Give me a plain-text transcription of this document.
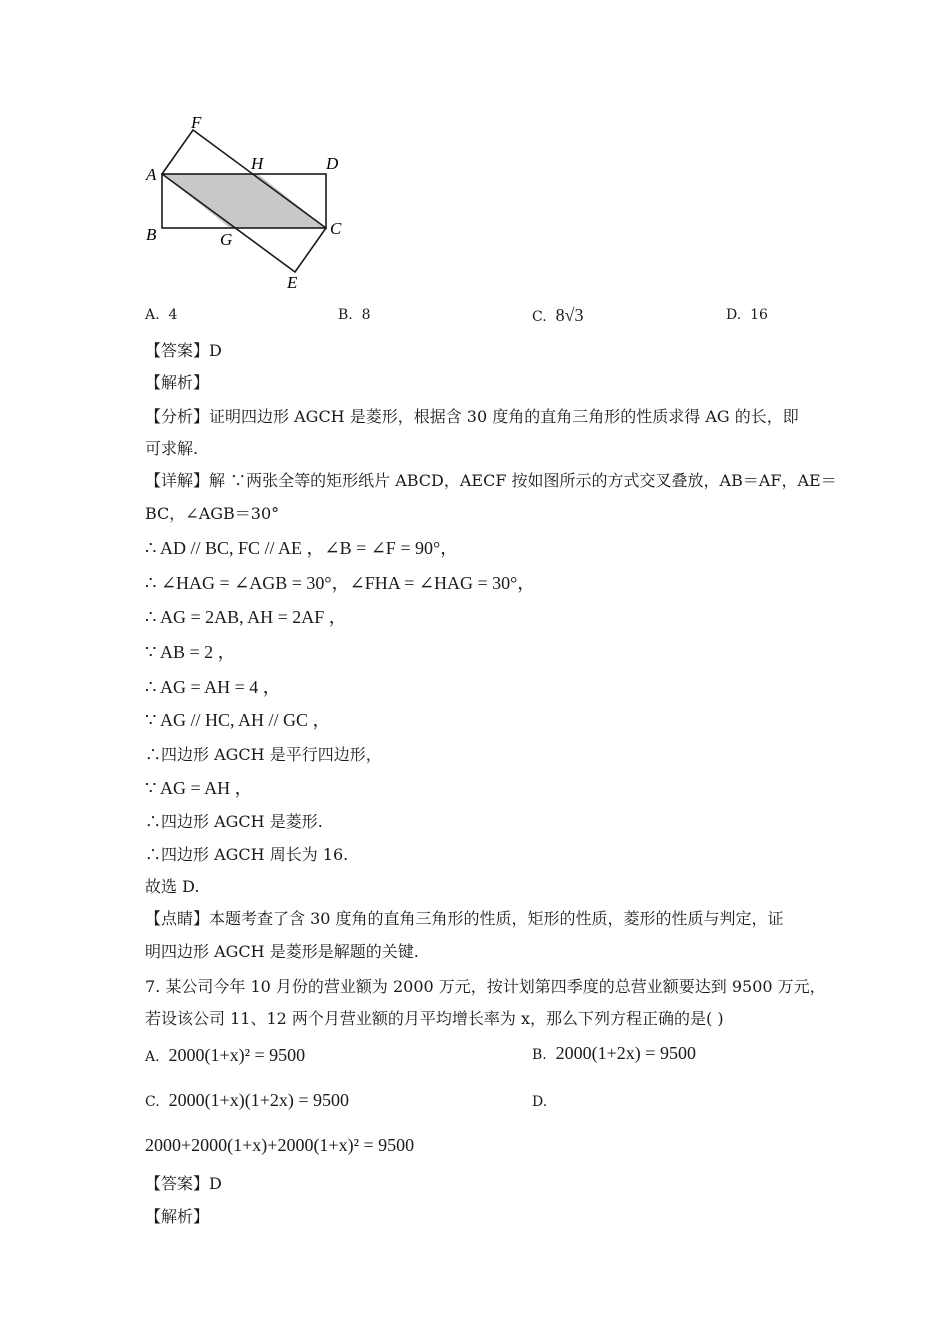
F
A
H	D
B	G
C
E
A. 4	B. 8	C. 8√3	D. 16
【答案】D
【解析】
【分析】证明四边形 AGCH 是菱形，根据含 30 度角的直角三角形的性质求得 AG 的长，即
可求解.
【详解】解 ∵两张全等的矩形纸片 ABCD，AECF 按如图所示的方式交叉叠放，AB＝AF，AE＝
BC，∠AGB＝30°
∴ AD // BC, FC // AE ，∠B = ∠F = 90°，
∴ ∠HAG = ∠AGB = 30°，∠FHA = ∠HAG = 30°，
∴ AG = 2AB, AH = 2AF ，
∵ AB = 2 ，
∴ AG = AH = 4 ，
∵ AG // HC, AH // GC ，
∴四边形 AGCH 是平行四边形，
∵ AG = AH ，
∴四边形 AGCH 是菱形.
∴四边形 AGCH 周长为 16.
故选 D.
【点睛】本题考查了含 30 度角的直角三角形的性质，矩形的性质，菱形的性质与判定，证
明四边形 AGCH 是菱形是解题的关键.
7. 某公司今年 10 月份的营业额为 2000 万元，按计划第四季度的总营业额要达到 9500 万元，
若设该公司 11、12 两个月营业额的月平均增长率为 x，那么下列方程正确的是( )
A. 2000(1+x)² = 9500	B. 2000(1+2x) = 9500
C. 2000(1+x)(1+2x) = 9500	D.
2000+2000(1+x)+2000(1+x)² = 9500
【答案】D
【解析】
